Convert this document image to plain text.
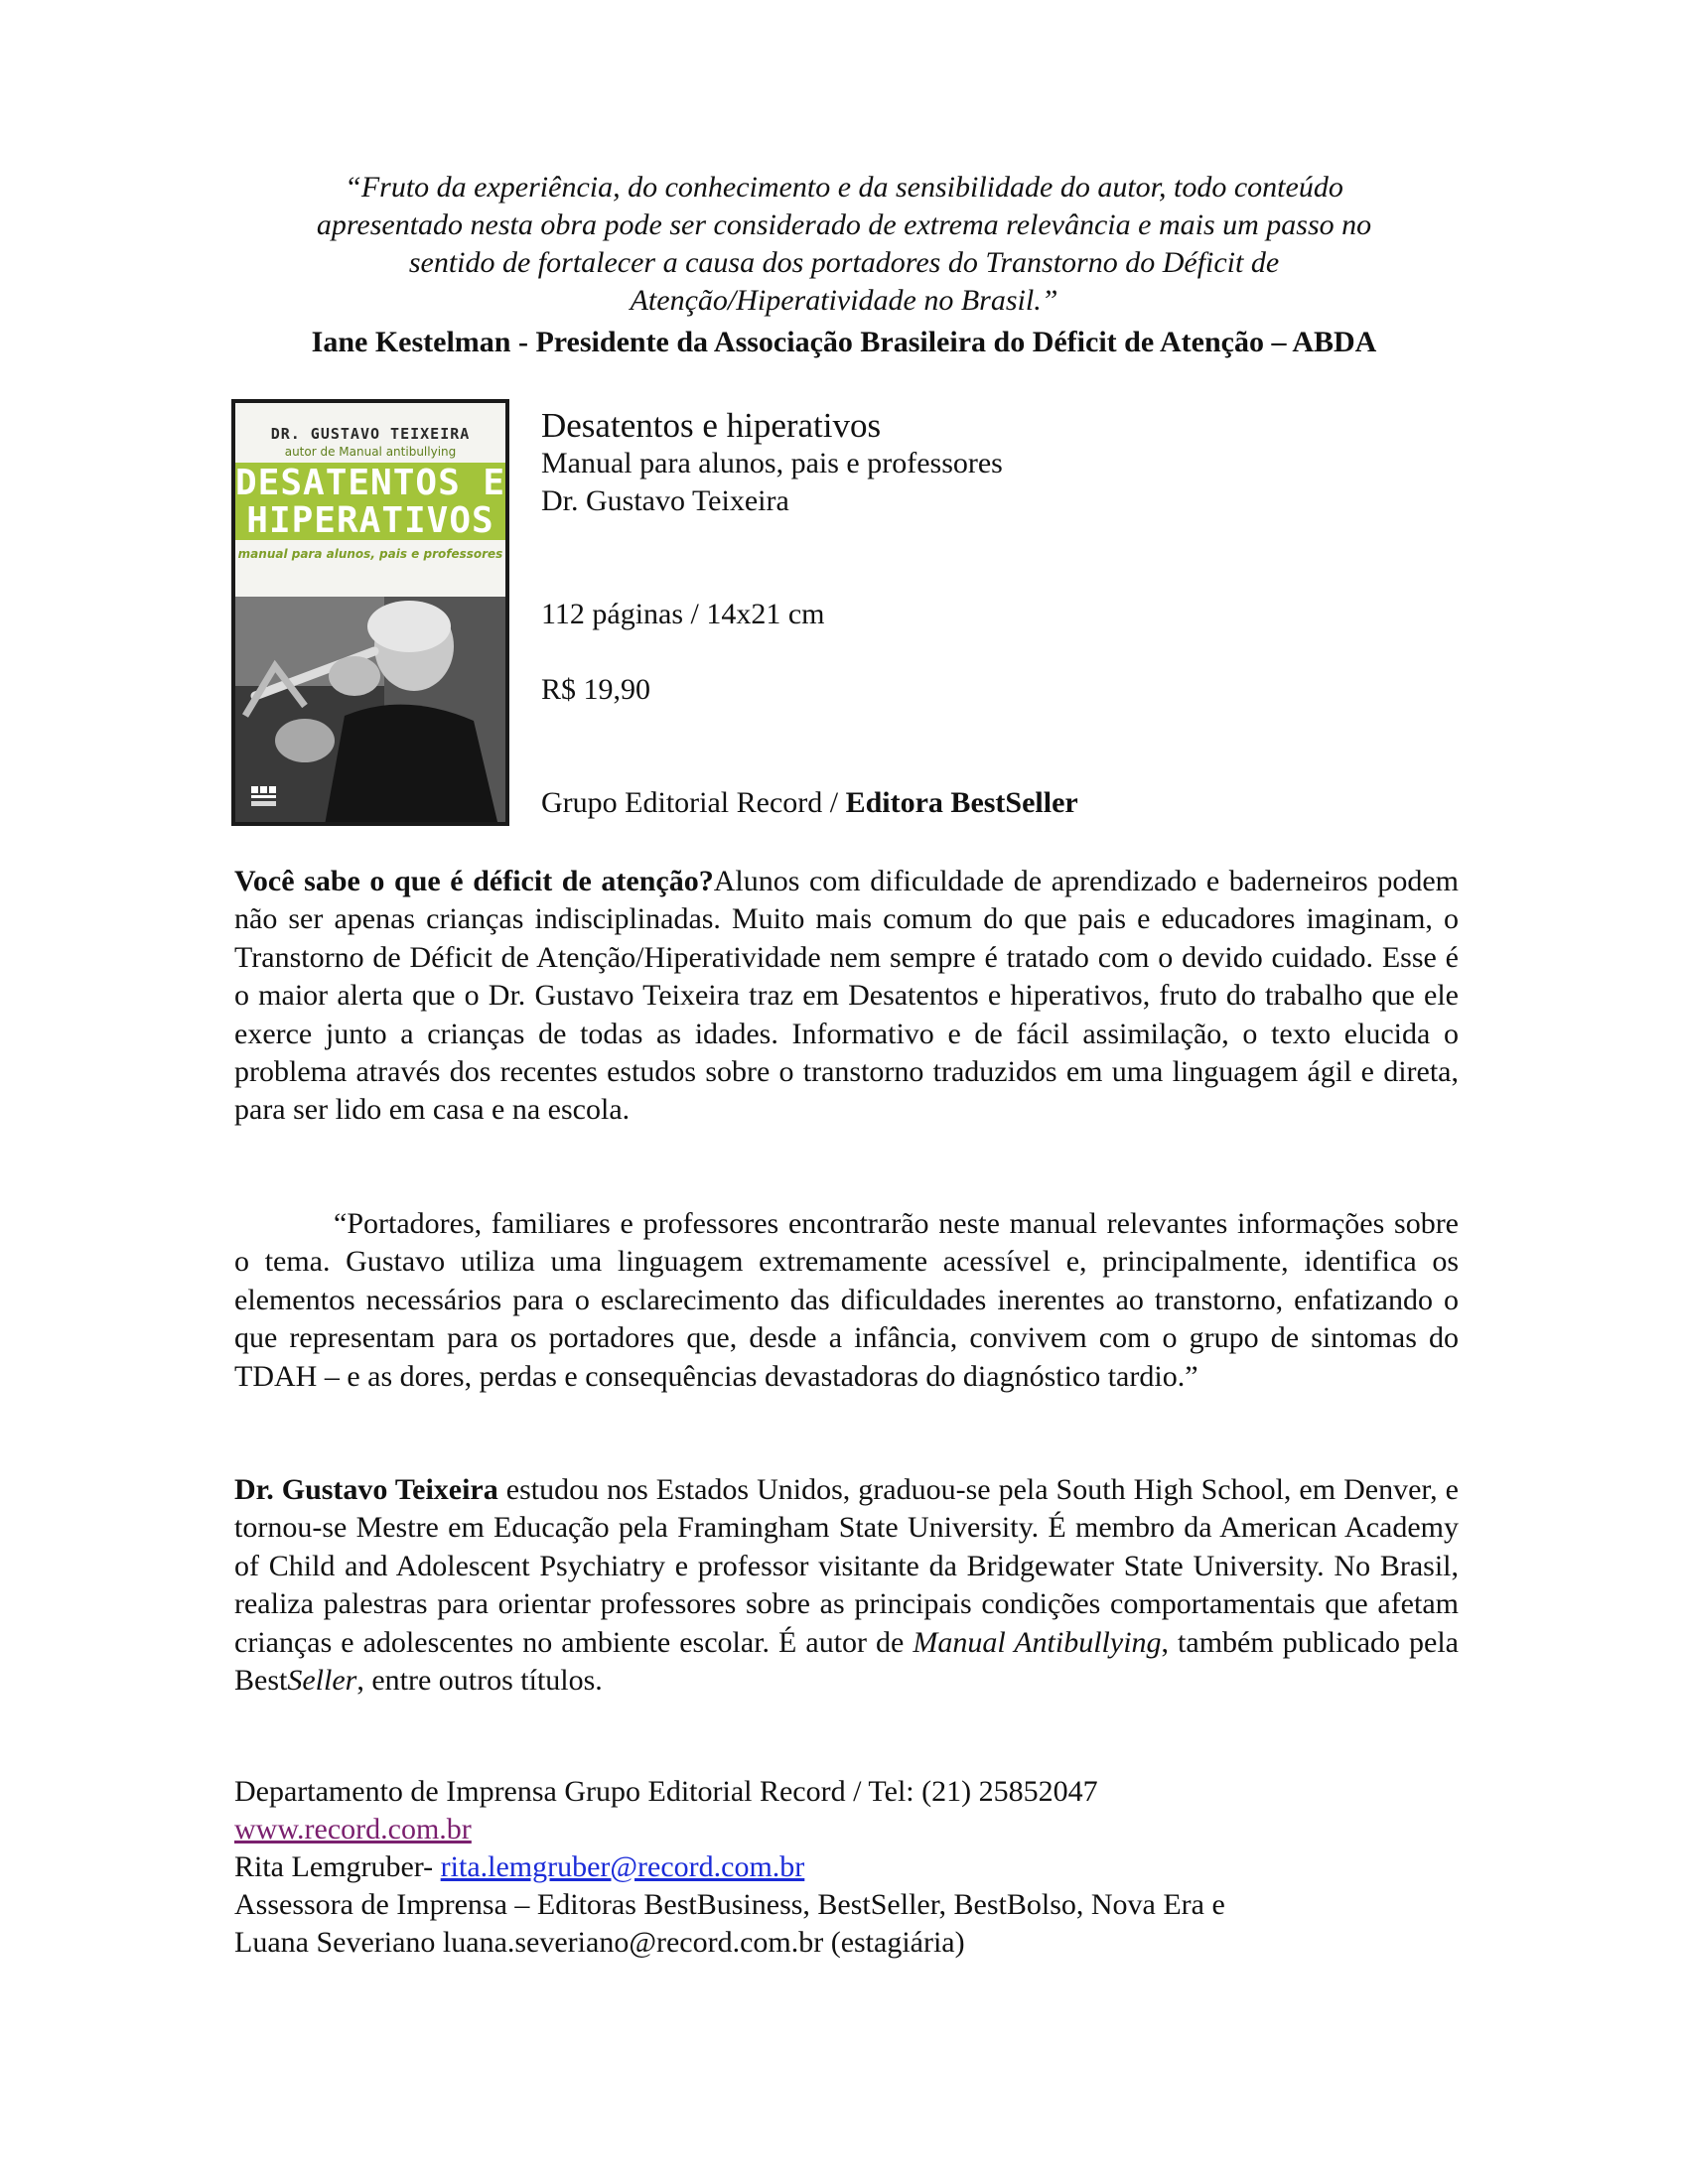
“Fruto da experiência, do conhecimento e da sensibilidade do autor, todo conteúdo
apresentado nesta obra pode ser considerado de extrema relevância e mais um passo no
sentido de fortalecer a causa dos portadores do Transtorno do Déficit de
Atenção/Hiperatividade no Brasil.”
Iane Kestelman - Presidente da Associação Brasileira do Déficit de Atenção – ABDA
DR. GUSTAVO TEIXEIRA
autor de Manual antibullying
DESATENTOS E
HIPERATIVOS
manual para alunos, pais e professores
Desatentos e hiperativos
Manual para alunos, pais e professores
Dr. Gustavo Teixeira
112 páginas / 14x21 cm
R$ 19,90
Grupo Editorial Record / Editora BestSeller

Você sabe o que é déficit de atenção?Alunos com dificuldade de aprendizado e baderneiros podem não ser apenas crianças indisciplinadas. Muito mais comum do que pais e educadores imaginam, o Transtorno de Déficit de Atenção/Hiperatividade nem sempre é tratado com o devido cuidado. Esse é o maior alerta que o Dr. Gustavo Teixeira traz em Desatentos e hiperativos, fruto do trabalho que ele exerce junto a crianças de todas as idades. Informativo e de fácil assimilação, o texto elucida o problema através dos recentes estudos sobre o transtorno traduzidos em uma linguagem ágil e direta, para ser lido em casa e na escola.

“Portadores, familiares e professores encontrarão neste manual relevantes informações sobre o tema. Gustavo utiliza uma linguagem extremamente acessível e, principalmente, identifica os elementos necessários para o esclarecimento das dificuldades inerentes ao transtorno, enfatizando o que representam para os portadores que, desde a infância, convivem com o grupo de sintomas do TDAH – e as dores, perdas e consequências devastadoras do diagnóstico tardio.”

Dr. Gustavo Teixeira estudou nos Estados Unidos, graduou-se pela South High School, em Denver, e tornou-se Mestre em Educação pela Framingham State University. É membro da American Academy of Child and Adolescent Psychiatry e professor visitante da Bridgewater State University. No Brasil, realiza palestras para orientar professores sobre as principais condições comportamentais que afetam crianças e adolescentes no ambiente escolar. É autor de Manual Antibullying, também publicado pela BestSeller, entre outros títulos.

Departamento de Imprensa Grupo Editorial Record / Tel: (21) 25852047
www.record.com.br
Rita Lemgruber- rita.lemgruber@record.com.br
Assessora de Imprensa – Editoras BestBusiness, BestSeller, BestBolso, Nova Era e
Luana Severiano luana.severiano@record.com.br (estagiária)
